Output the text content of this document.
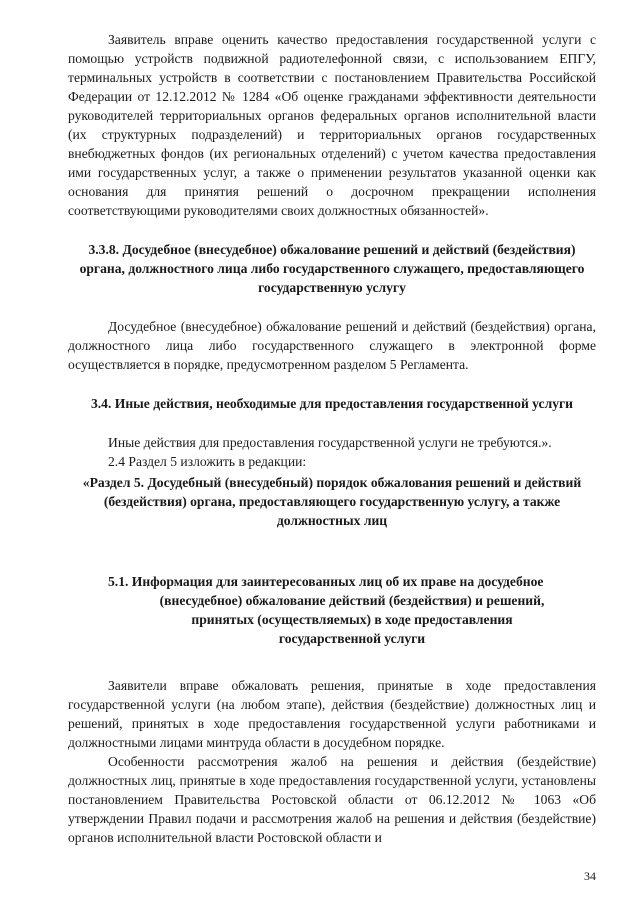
Заявитель вправе оценить качество предоставления государственной услуги с помощью устройств подвижной радиотелефонной связи, с использованием ЕПГУ, терминальных устройств в соответствии с постановлением Правительства Российской Федерации от 12.12.2012 № 1284 «Об оценке гражданами эффективности деятельности руководителей территориальных органов федеральных органов исполнительной власти (их структурных подразделений) и территориальных органов государственных внебюджетных фондов (их региональных отделений) с учетом качества предоставления ими государственных услуг, а также о применении результатов указанной оценки как основания для принятия решений о досрочном прекращении исполнения соответствующими руководителями своих должностных обязанностей».

3.3.8. Досудебное (внесудебное) обжалование решений и действий (бездействия) органа, должностного лица либо государственного служащего, предоставляющего государственную услугу

Досудебное (внесудебное) обжалование решений и действий (бездействия) органа, должностного лица либо государственного служащего в электронной форме осуществляется в порядке, предусмотренном разделом 5 Регламента.

3.4. Иные действия, необходимые для предоставления государственной услуги

Иные действия для предоставления государственной услуги не требуются.».

2.4 Раздел 5 изложить в редакции:

«Раздел 5. Досудебный (внесудебный) порядок обжалования решений и действий (бездействия) органа, предоставляющего государственную услугу, а также должностных лиц

5.1. Информация для заинтересованных лиц об их праве на досудебное
(внесудебное) обжалование действий (бездействия) и решений,
принятых (осуществляемых) в ходе предоставления
государственной услуги

Заявители вправе обжаловать решения, принятые в ходе предоставления государственной услуги (на любом этапе), действия (бездействие) должностных лиц и решений, принятых в ходе предоставления государственной услуги работниками и должностными лицами минтруда области в досудебном порядке.

Особенности рассмотрения жалоб на решения и действия (бездействие) должностных лиц, принятые в ходе предоставления государственной услуги, установлены постановлением Правительства Ростовской области от 06.12.2012 № 1063 «Об утверждении Правил подачи и рассмотрения жалоб на решения и действия (бездействие) органов исполнительной власти Ростовской области и

34
